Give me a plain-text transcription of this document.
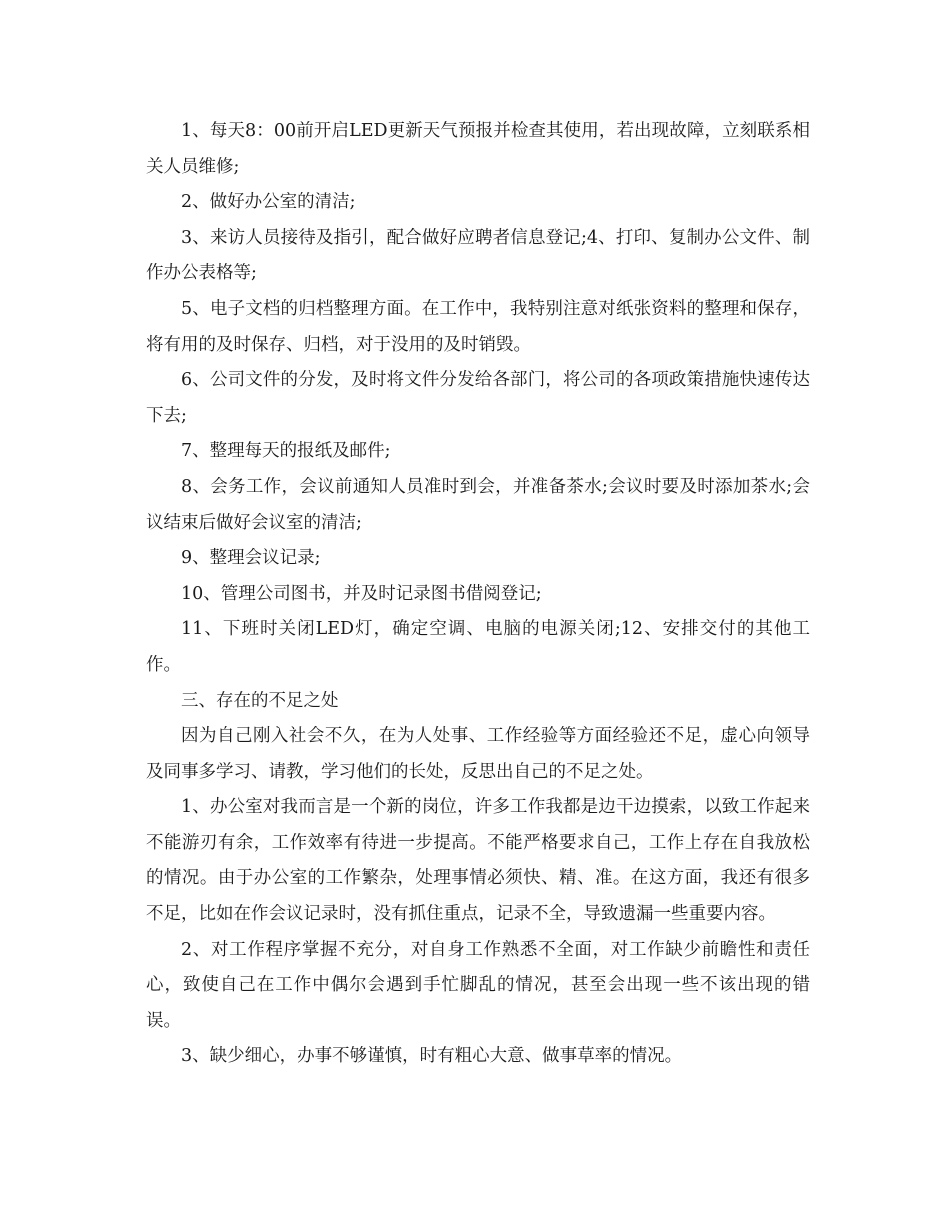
1、每天8：00前开启LED更新天气预报并检查其使用，若出现故障，立刻联系相关人员维修;

2、做好办公室的清洁;

3、来访人员接待及指引，配合做好应聘者信息登记;4、打印、复制办公文件、制作办公表格等;

5、电子文档的归档整理方面。在工作中，我特别注意对纸张资料的整理和保存，将有用的及时保存、归档，对于没用的及时销毁。

6、公司文件的分发，及时将文件分发给各部门，将公司的各项政策措施快速传达下去;

7、整理每天的报纸及邮件;

8、会务工作，会议前通知人员准时到会，并准备茶水;会议时要及时添加茶水;会议结束后做好会议室的清洁;

9、整理会议记录;

10、管理公司图书，并及时记录图书借阅登记;

11、下班时关闭LED灯，确定空调、电脑的电源关闭;12、安排交付的其他工作。

三、存在的不足之处

因为自己刚入社会不久，在为人处事、工作经验等方面经验还不足，虚心向领导及同事多学习、请教，学习他们的长处，反思出自己的不足之处。

1、办公室对我而言是一个新的岗位，许多工作我都是边干边摸索，以致工作起来不能游刃有余，工作效率有待进一步提高。不能严格要求自己，工作上存在自我放松的情况。由于办公室的工作繁杂，处理事情必须快、精、准。在这方面，我还有很多不足，比如在作会议记录时，没有抓住重点，记录不全，导致遗漏一些重要内容。

2、对工作程序掌握不充分，对自身工作熟悉不全面，对工作缺少前瞻性和责任心，致使自己在工作中偶尔会遇到手忙脚乱的情况，甚至会出现一些不该出现的错误。

3、缺少细心，办事不够谨慎，时有粗心大意、做事草率的情况。
